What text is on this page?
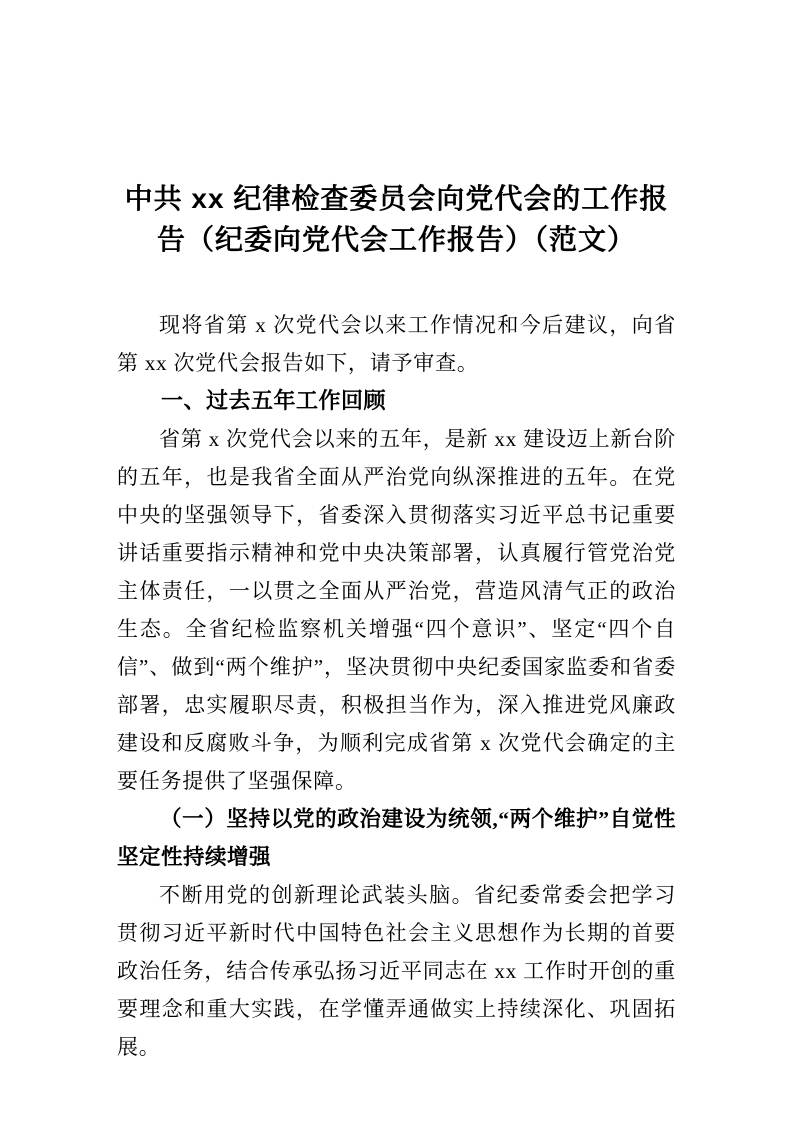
中共 xx 纪律检查委员会向党代会的工作报告（纪委向党代会工作报告）（范文）

现将省第 x 次党代会以来工作情况和今后建议，向省第 xx 次党代会报告如下，请予审查。

一、过去五年工作回顾

省第 x 次党代会以来的五年，是新 xx 建设迈上新台阶的五年，也是我省全面从严治党向纵深推进的五年。在党中央的坚强领导下，省委深入贯彻落实习近平总书记重要讲话重要指示精神和党中央决策部署，认真履行管党治党主体责任，一以贯之全面从严治党，营造风清气正的政治生态。全省纪检监察机关增强“四个意识”、坚定“四个自信”、做到“两个维护”，坚决贯彻中央纪委国家监委和省委部署，忠实履职尽责，积极担当作为，深入推进党风廉政建设和反腐败斗争，为顺利完成省第 x 次党代会确定的主要任务提供了坚强保障。

（一）坚持以党的政治建设为统领,“两个维护”自觉性坚定性持续增强

不断用党的创新理论武装头脑。省纪委常委会把学习贯彻习近平新时代中国特色社会主义思想作为长期的首要政治任务，结合传承弘扬习近平同志在 xx 工作时开创的重要理念和重大实践，在学懂弄通做实上持续深化、巩固拓展。
